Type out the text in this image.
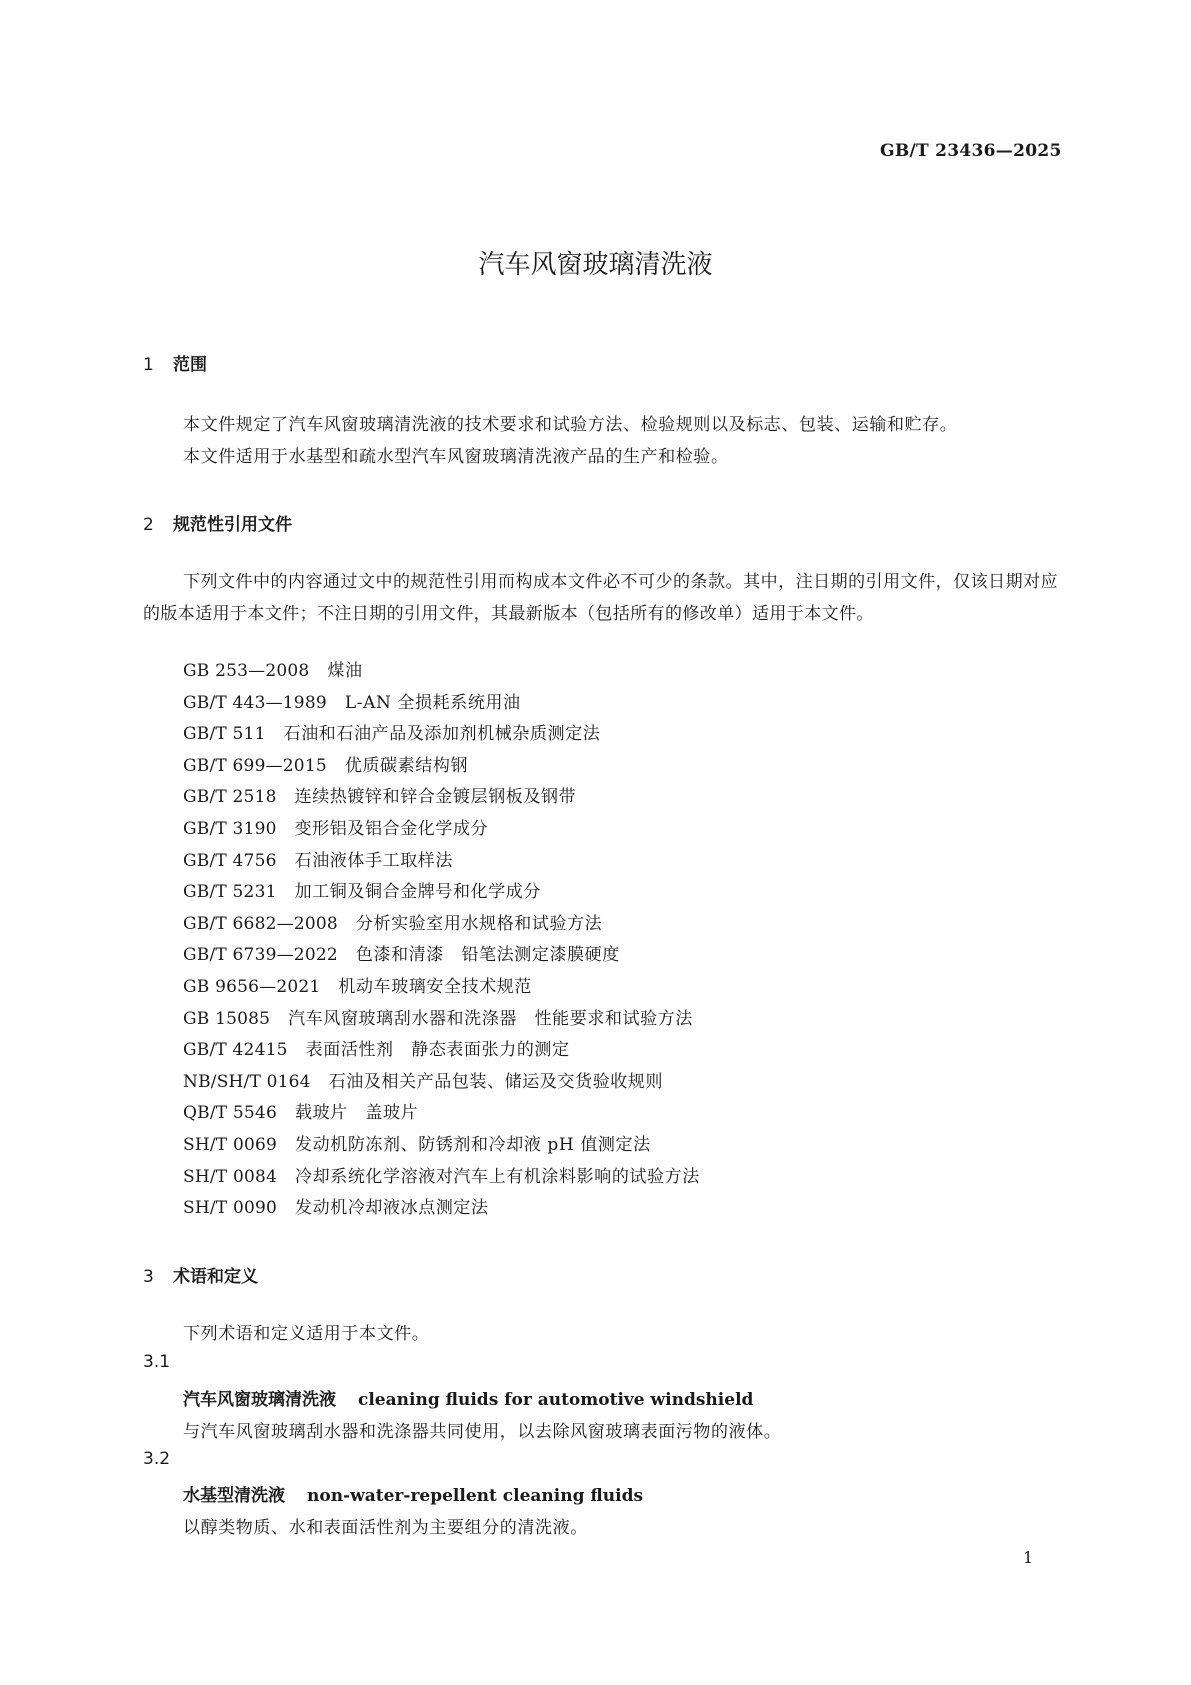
GB/T 23436—2025
汽车风窗玻璃清洗液
1 范围

本文件规定了汽车风窗玻璃清洗液的技术要求和试验方法、检验规则以及标志、包装、运输和贮存。

本文件适用于水基型和疏水型汽车风窗玻璃清洗液产品的生产和检验。

2 规范性引用文件

下列文件中的内容通过文中的规范性引用而构成本文件必不可少的条款。其中，注日期的引用文件，仅该日期对应的版本适用于本文件；不注日期的引用文件，其最新版本（包括所有的修改单）适用于本文件。

GB 253—2008 煤油
GB/T 443—1989 L-AN 全损耗系统用油
GB/T 511 石油和石油产品及添加剂机械杂质测定法
GB/T 699—2015 优质碳素结构钢
GB/T 2518 连续热镀锌和锌合金镀层钢板及钢带
GB/T 3190 变形铝及铝合金化学成分
GB/T 4756 石油液体手工取样法
GB/T 5231 加工铜及铜合金牌号和化学成分
GB/T 6682—2008 分析实验室用水规格和试验方法
GB/T 6739—2022 色漆和清漆　铅笔法测定漆膜硬度
GB 9656—2021 机动车玻璃安全技术规范
GB 15085 汽车风窗玻璃刮水器和洗涤器　性能要求和试验方法
GB/T 42415 表面活性剂　静态表面张力的测定
NB/SH/T 0164 石油及相关产品包装、储运及交货验收规则
QB/T 5546 载玻片　盖玻片
SH/T 0069 发动机防冻剂、防锈剂和冷却液 pH 值测定法
SH/T 0084 冷却系统化学溶液对汽车上有机涂料影响的试验方法
SH/T 0090 发动机冷却液冰点测定法
3 术语和定义

下列术语和定义适用于本文件。

3.1
汽车风窗玻璃清洗液 cleaning fluids for automotive windshield

与汽车风窗玻璃刮水器和洗涤器共同使用，以去除风窗玻璃表面污物的液体。

3.2
水基型清洗液 non-water-repellent cleaning fluids

以醇类物质、水和表面活性剂为主要组分的清洗液。

1
